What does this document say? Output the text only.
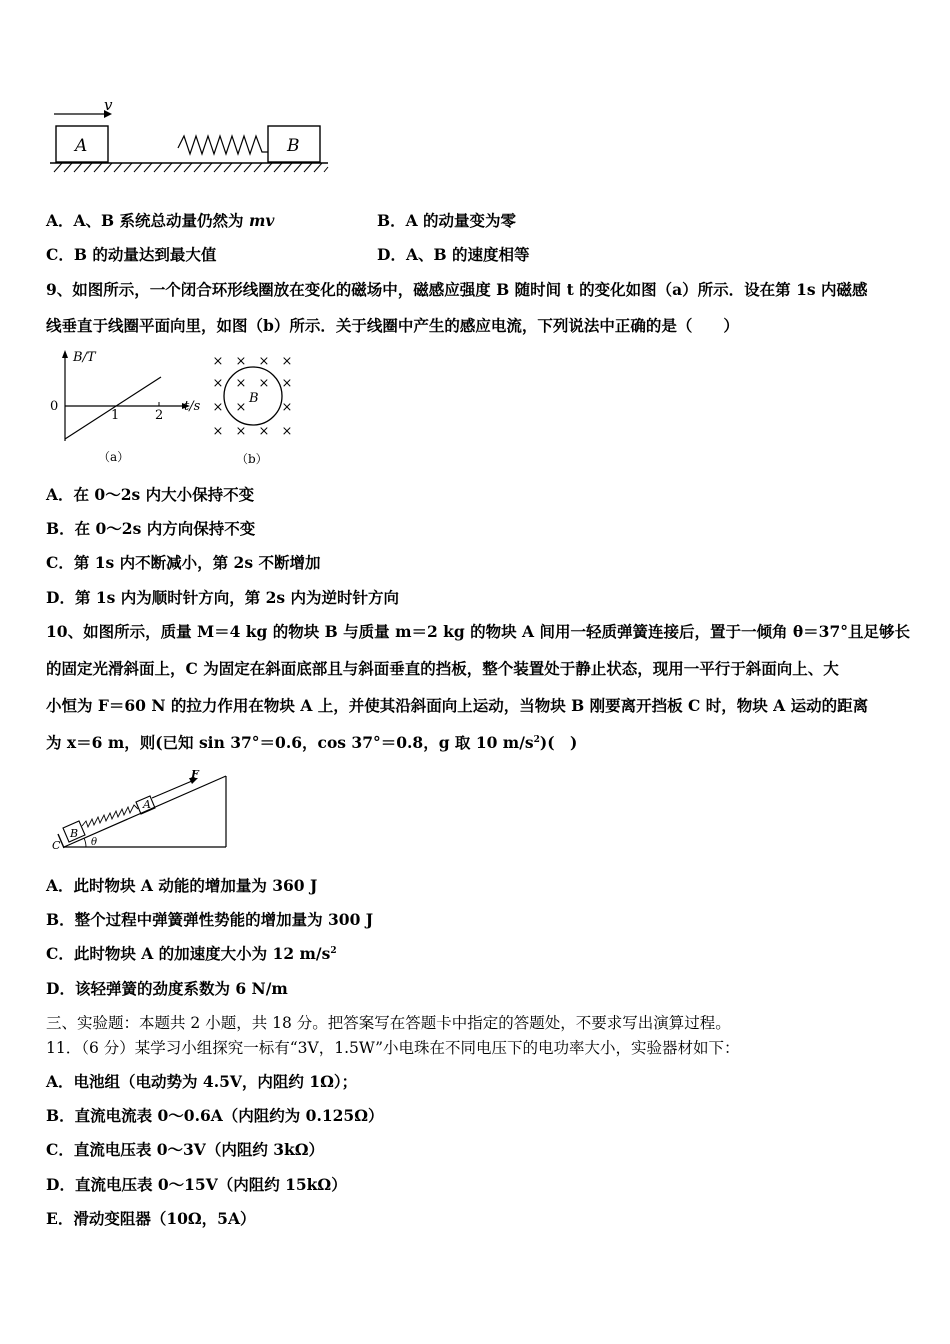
v
A	B
A．A、B 系统总动量仍然为 mv	B．A 的动量变为零
C．B 的动量达到最大值	D．A、B 的速度相等
9、如图所示，一个闭合环形线圈放在变化的磁场中，磁感应强度 B 随时间 t 的变化如图（a）所示．设在第 1s 内磁感
线垂直于线圈平面向里，如图（b）所示．关于线圈中产生的感应电流，下列说法中正确的是（　　）
B/T
t/s
0
1	2
（a）
× × × ×
× × × ×
× ×	×
× × × ×
B
（b）
A．在 0～2s 内大小保持不变
B．在 0～2s 内方向保持不变
C．第 1s 内不断减小，第 2s 不断增加
D．第 1s 内为顺时针方向，第 2s 内为逆时针方向
10、如图所示，质量 M＝4 kg 的物块 B 与质量 m＝2 kg 的物块 A 间用一轻质弹簧连接后，置于一倾角 θ＝37°且足够长
的固定光滑斜面上，C 为固定在斜面底部且与斜面垂直的挡板，整个装置处于静止状态，现用一平行于斜面向上、大
小恒为 F＝60 N 的拉力作用在物块 A 上，并使其沿斜面向上运动，当物块 B 刚要离开挡板 C 时，物块 A 运动的距离
为 x＝6 m，则(已知 sin 37°＝0.6，cos 37°＝0.8，g 取 10 $m/s^2$)(　)
C
B
A
F
θ
A．此时物块 A 动能的增加量为 360 J
B．整个过程中弹簧弹性势能的增加量为 300 J
C．此时物块 A 的加速度大小为 12 $m/s^2$
D．该轻弹簧的劲度系数为 6 N/m
三、实验题：本题共 2 小题，共 18 分。把答案写在答题卡中指定的答题处，不要求写出演算过程。
11．（6 分）某学习小组探究一标有“3V，1.5W”小电珠在不同电压下的电功率大小，实验器材如下：
A．电池组（电动势为 4.5V，内阻约 1Ω）；
B．直流电流表 0～0.6A（内阻约为 0.125Ω）
C．直流电压表 0～3V（内阻约 3kΩ）
D．直流电压表 0～15V（内阻约 15kΩ）
E．滑动变阻器（10Ω，5A）
